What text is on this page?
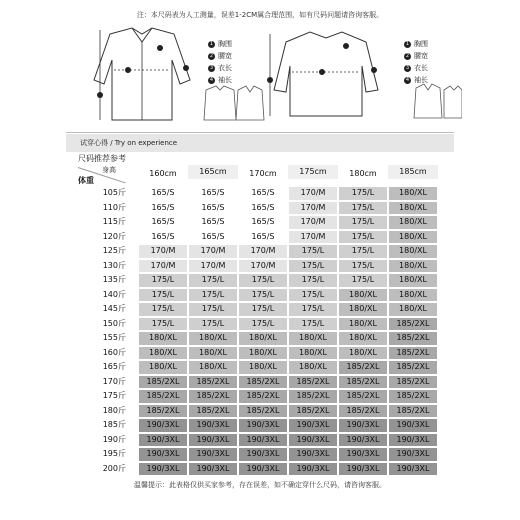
注：本尺码表为人工测量，误差1-2CM属合理范围，如有尺码问题请咨询客服。
1 胸围
2 腰宽
3 衣长
4 袖长
1 胸围
2 腰宽
3 衣长
4 袖长
试穿心得 / Try on experience
尺码推荐参考
身高
体重
160cm	165cm	170cm	175cm	180cm	185cm
105斤	165/S	165/S	165/S	170/M	175/L	180/XL
110斤	165/S	165/S	165/S	170/M	175/L	180/XL
115斤	165/S	165/S	165/S	170/M	175/L	180/XL
120斤	165/S	165/S	165/S	170/M	175/L	180/XL
125斤	170/M	170/M	170/M	175/L	175/L	180/XL
130斤	170/M	170/M	170/M	175/L	175/L	180/XL
135斤	175/L	175/L	175/L	175/L	175/L	180/XL
140斤	175/L	175/L	175/L	175/L	180/XL	180/XL
145斤	175/L	175/L	175/L	175/L	180/XL	180/XL
150斤	175/L	175/L	175/L	175/L	180/XL	185/2XL
155斤	180/XL	180/XL	180/XL	180/XL	180/XL	185/2XL
160斤	180/XL	180/XL	180/XL	180/XL	180/XL	185/2XL
165斤	180/XL	180/XL	180/XL	180/XL	185/2XL	185/2XL
170斤	185/2XL	185/2XL	185/2XL	185/2XL	185/2XL	185/2XL
175斤	185/2XL	185/2XL	185/2XL	185/2XL	185/2XL	185/2XL
180斤	185/2XL	185/2XL	185/2XL	185/2XL	185/2XL	185/2XL
185斤	190/3XL	190/3XL	190/3XL	190/3XL	190/3XL	190/3XL
190斤	190/3XL	190/3XL	190/3XL	190/3XL	190/3XL	190/3XL
195斤	190/3XL	190/3XL	190/3XL	190/3XL	190/3XL	190/3XL
200斤	190/3XL	190/3XL	190/3XL	190/3XL	190/3XL	190/3XL
温馨提示：此表格仅供买家参考，存在误差，如不确定穿什么尺码，请咨询客服。
